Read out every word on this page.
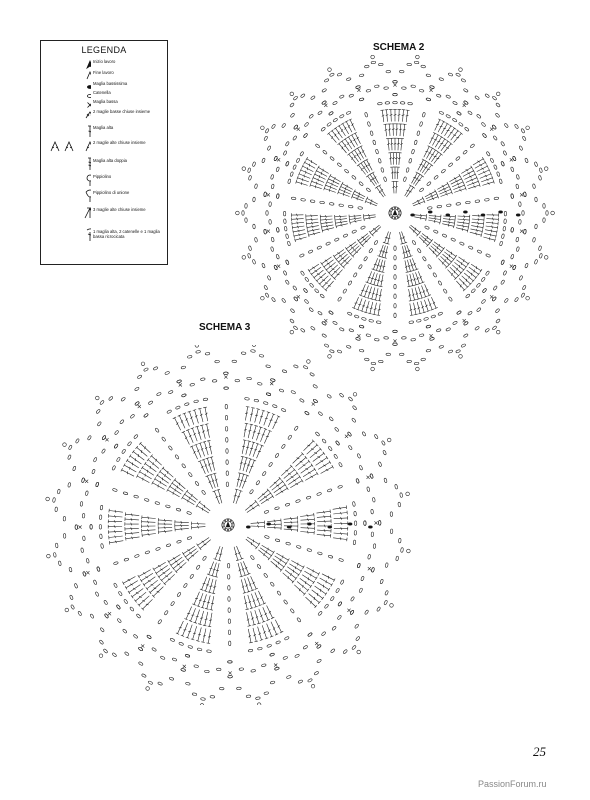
LEGENDA
Inizio lavoro
Fine lavoro
Maglia bassissima
Catenella
Maglia bassa
2 maglie basse chiuse insieme
Maglia alta
2 maglie alte chiuse insieme
Maglia alta doppia
Pippiolino
Pippiolino di unione
3 maglie alte chiuse insieme
1 maglia alta, 2 catenelle e 1 maglia bassa ricrocicata
SCHEMA 2
SCHEMA 3
25
PassionForum.ru
